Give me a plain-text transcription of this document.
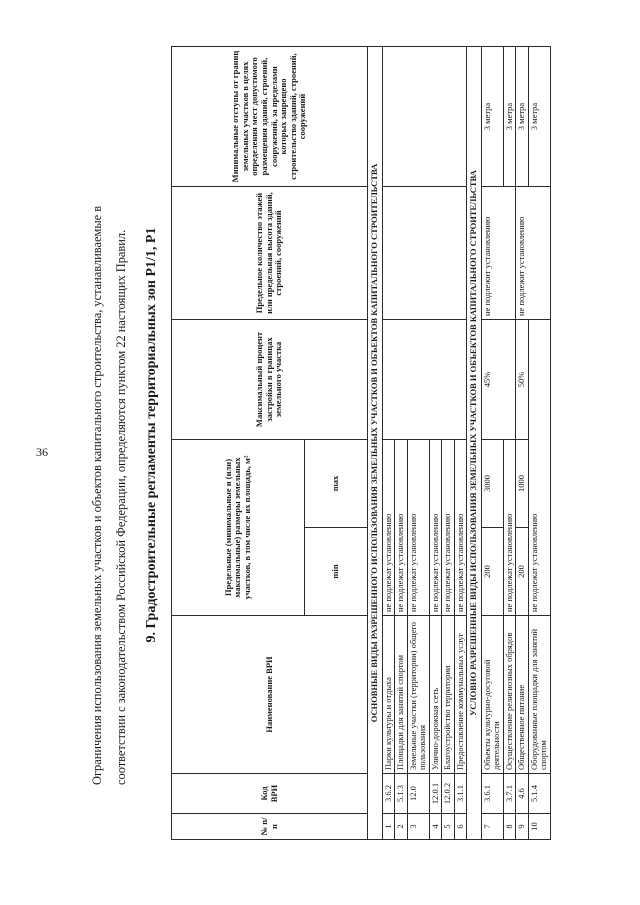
36	Ограничения использования земельных участков и объектов капитального строительства, устанавливаемые в соответствии с законодательством Российской Федерации, определяются пунктом 22 настоящих Правил.	9. Градостроительные регламенты территориальных зон Р1/1, Р1
№ п/п	Код ВРИ	Наименование ВРИ	Предельные (минимальные и (или) максимальные) размеры земельных участков, в том числе их площадь, м²		Максимальный процент застройки в границах земельного участка	Предельное количество этажей или предельная высота зданий, строений, сооружений	Минимальные отступы от границ земельных участков в целях определения мест допустимого размещения зданий, строений, сооружений, за пределами которых запрещено строительство зданий, строений, сооружений
			min	max			
ОСНОВНЫЕ ВИДЫ РАЗРЕШЕННОГО ИСПОЛЬЗОВАНИЯ ЗЕМЕЛЬНЫХ УЧАСТКОВ И ОБЪЕКТОВ КАПИТАЛЬНОГО СТРОИТЕЛЬСТВА							
1	3.6.2	Парки культуры и отдыха	не подлежат установлению				
2	5.1.3	Площадки для занятий спортом	не подлежат установлению				
3	12.0	Земельные участки (территории) общего пользования	не подлежат установлению				
4	12.0.1	Улично-дорожная сеть	не подлежат установлению				
5	12.0.2	Благоустройство территории	не подлежат установлению				
6	3.1.1	Предоставление коммунальных услуг	не подлежат установлению				
УСЛОВНО РАЗРЕШЕННЫЕ ВИДЫ ИСПОЛЬЗОВАНИЯ ЗЕМЕЛЬНЫХ УЧАСТКОВ И ОБЪЕКТОВ КАПИТАЛЬНОГО СТРОИТЕЛЬСТВА							
7	3.6.1	Объекты культурно-досуговой деятельности	200	3000	45%	не подлежит установлению	3 метра
8	3.7.1	Осуществление религиозных обрядов	не подлежат установлению				3 метра
9	4.6	Общественное питание	200	1000	50%	не подлежит установлению	3 метра
10	5.1.4	Оборудованные площадки для занятий спортом	не подлежат установлению				3 метра
